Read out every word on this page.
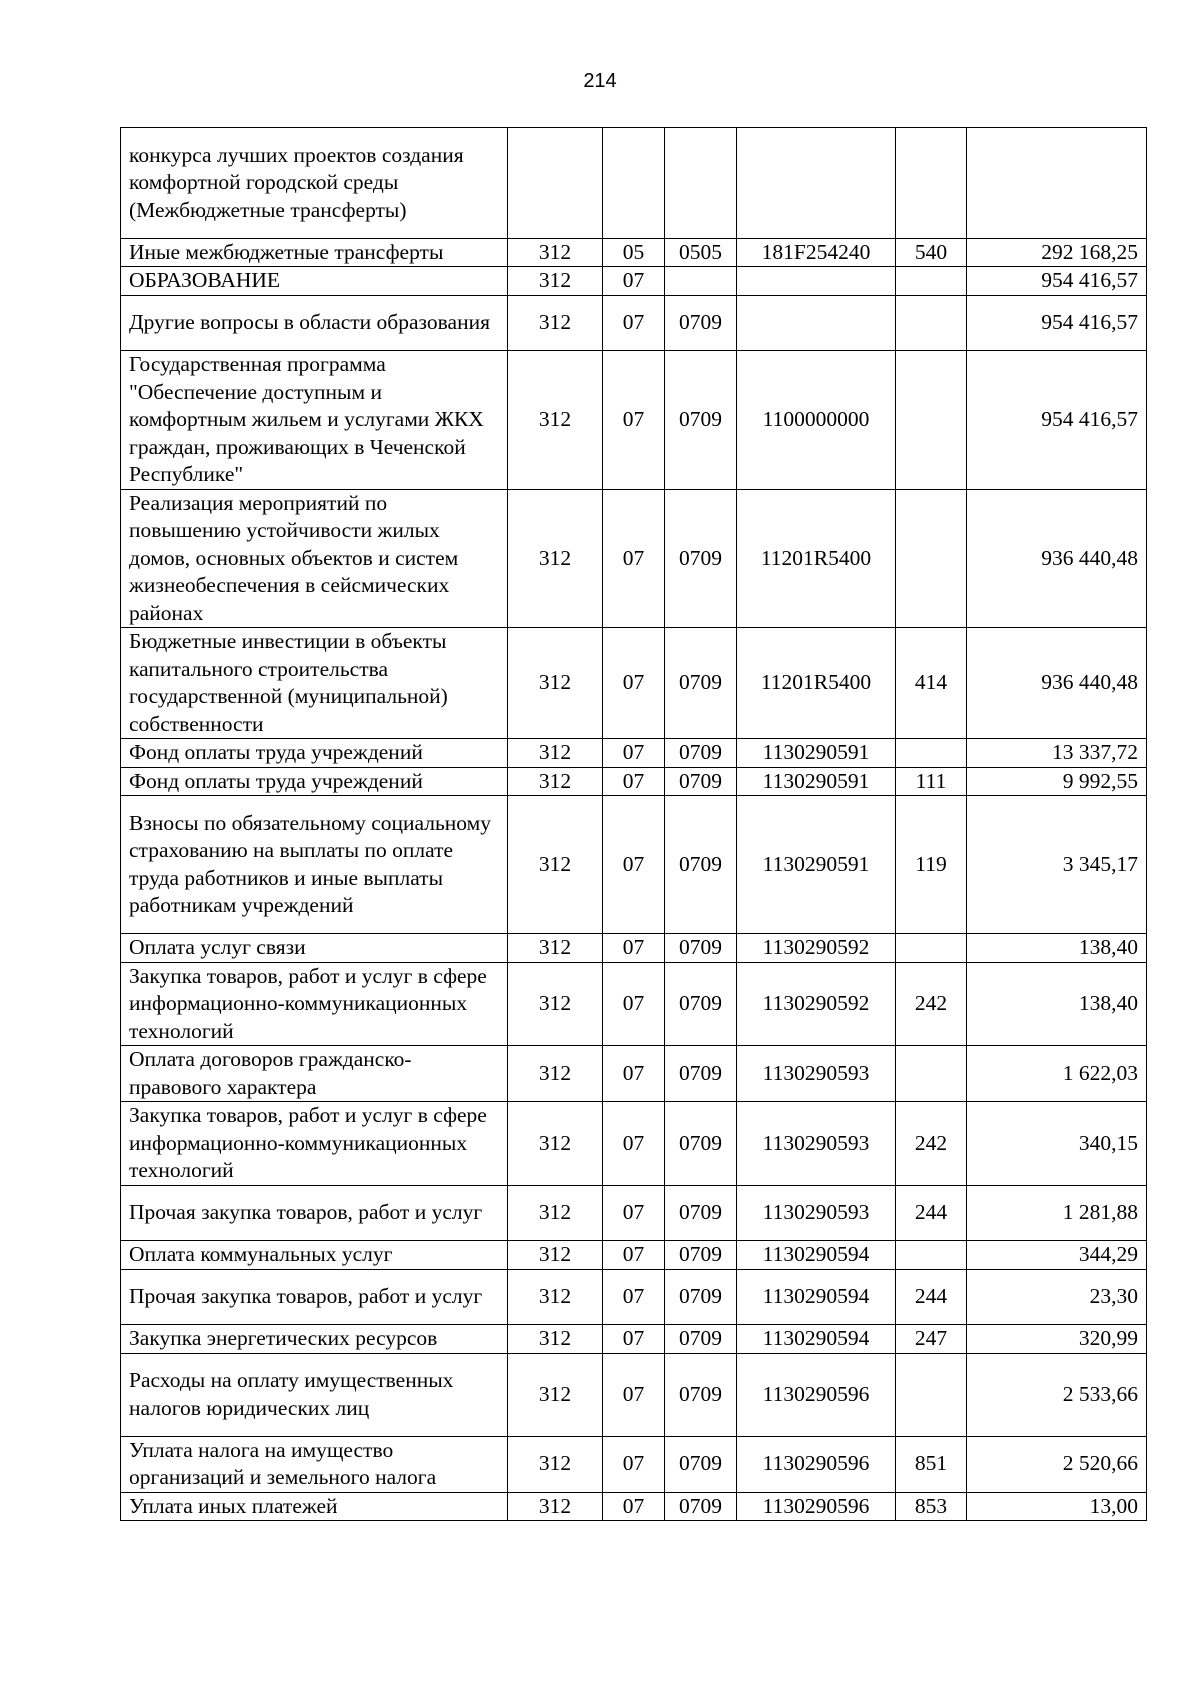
214
конкурса лучших проектов создания комфортной городской среды (Межбюджетные трансферты)						
Иные межбюджетные трансферты	312	05	0505	181F254240	540	292 168,25
ОБРАЗОВАНИЕ	312	07				954 416,57
Другие вопросы в области образования	312	07	0709			954 416,57
Государственная программа "Обеспечение доступным и комфортным жильем и услугами ЖКХ граждан, проживающих в Чеченской Республике"	312	07	0709	1100000000		954 416,57
Реализация мероприятий по повышению устойчивости жилых домов, основных объектов и систем жизнеобеспечения в сейсмических районах	312	07	0709	11201R5400		936 440,48
Бюджетные инвестиции в объекты капитального строительства государственной (муниципальной) собственности	312	07	0709	11201R5400	414	936 440,48
Фонд оплаты труда учреждений	312	07	0709	1130290591		13 337,72
Фонд оплаты труда учреждений	312	07	0709	1130290591	111	9 992,55
Взносы по обязательному социальному страхованию на выплаты по оплате труда работников и иные выплаты работникам учреждений	312	07	0709	1130290591	119	3 345,17
Оплата услуг связи	312	07	0709	1130290592		138,40
Закупка товаров, работ и услуг в сфере информационно-коммуникационных технологий	312	07	0709	1130290592	242	138,40
Оплата договоров гражданско-правового характера	312	07	0709	1130290593		1 622,03
Закупка товаров, работ и услуг в сфере информационно-коммуникационных технологий	312	07	0709	1130290593	242	340,15
Прочая закупка товаров, работ и услуг	312	07	0709	1130290593	244	1 281,88
Оплата коммунальных услуг	312	07	0709	1130290594		344,29
Прочая закупка товаров, работ и услуг	312	07	0709	1130290594	244	23,30
Закупка энергетических ресурсов	312	07	0709	1130290594	247	320,99
Расходы на оплату имущественных налогов юридических лиц	312	07	0709	1130290596		2 533,66
Уплата налога на имущество организаций и земельного налога	312	07	0709	1130290596	851	2 520,66
Уплата иных платежей	312	07	0709	1130290596	853	13,00
